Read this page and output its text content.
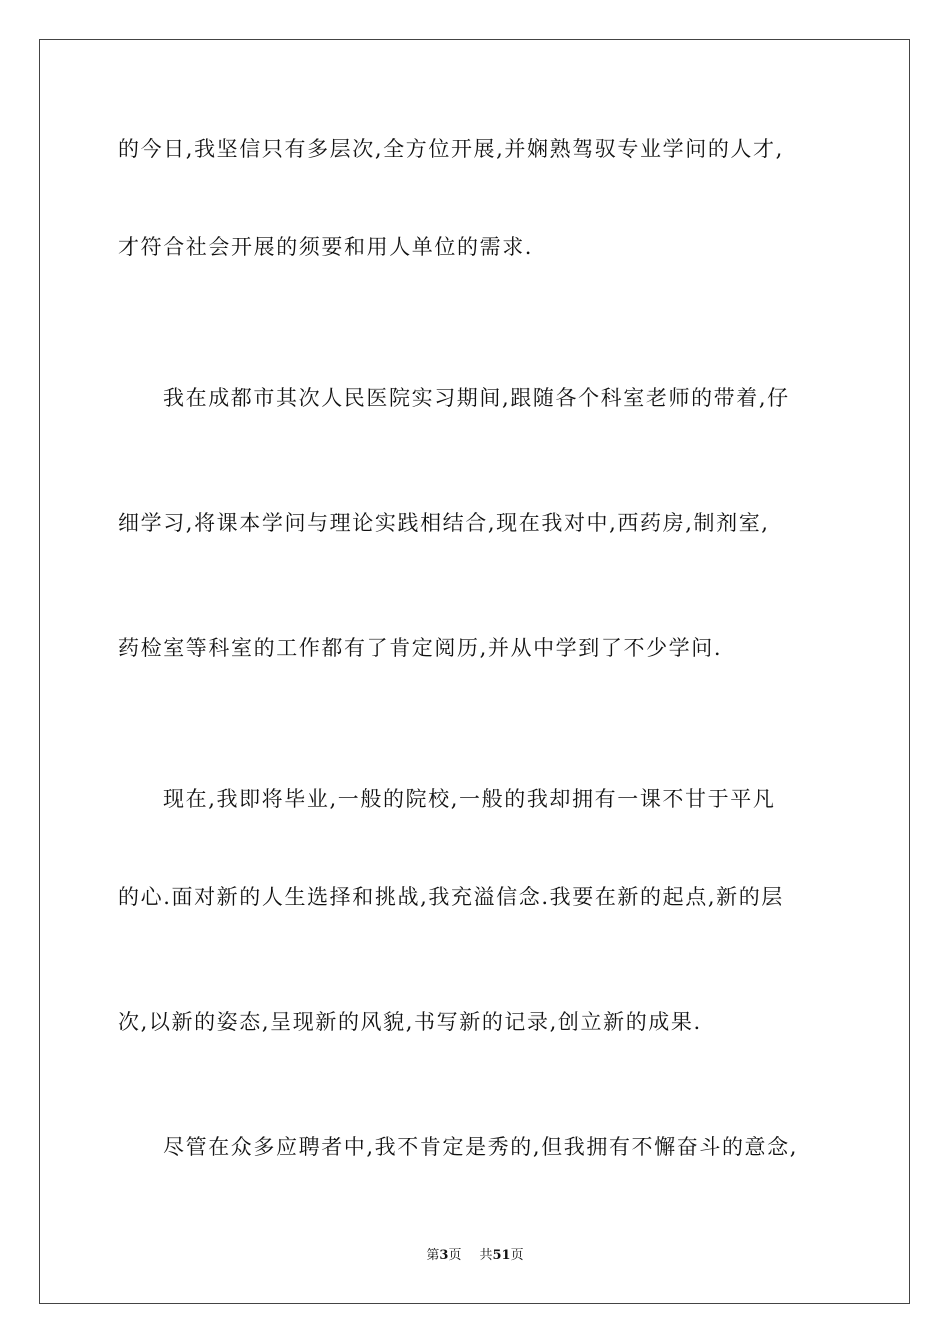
的今日,我坚信只有多层次,全方位开展,并娴熟驾驭专业学问的人才,
才符合社会开展的须要和用人单位的需求.
我在成都市其次人民医院实习期间,跟随各个科室老师的带着,仔
细学习,将课本学问与理论实践相结合,现在我对中,西药房,制剂室,
药检室等科室的工作都有了肯定阅历,并从中学到了不少学问.
现在,我即将毕业,一般的院校,一般的我却拥有一课不甘于平凡
的心.面对新的人生选择和挑战,我充溢信念.我要在新的起点,新的层
次,以新的姿态,呈现新的风貌,书写新的记录,创立新的成果.
尽管在众多应聘者中,我不肯定是秀的,但我拥有不懈奋斗的意念,
第3页 共51页
